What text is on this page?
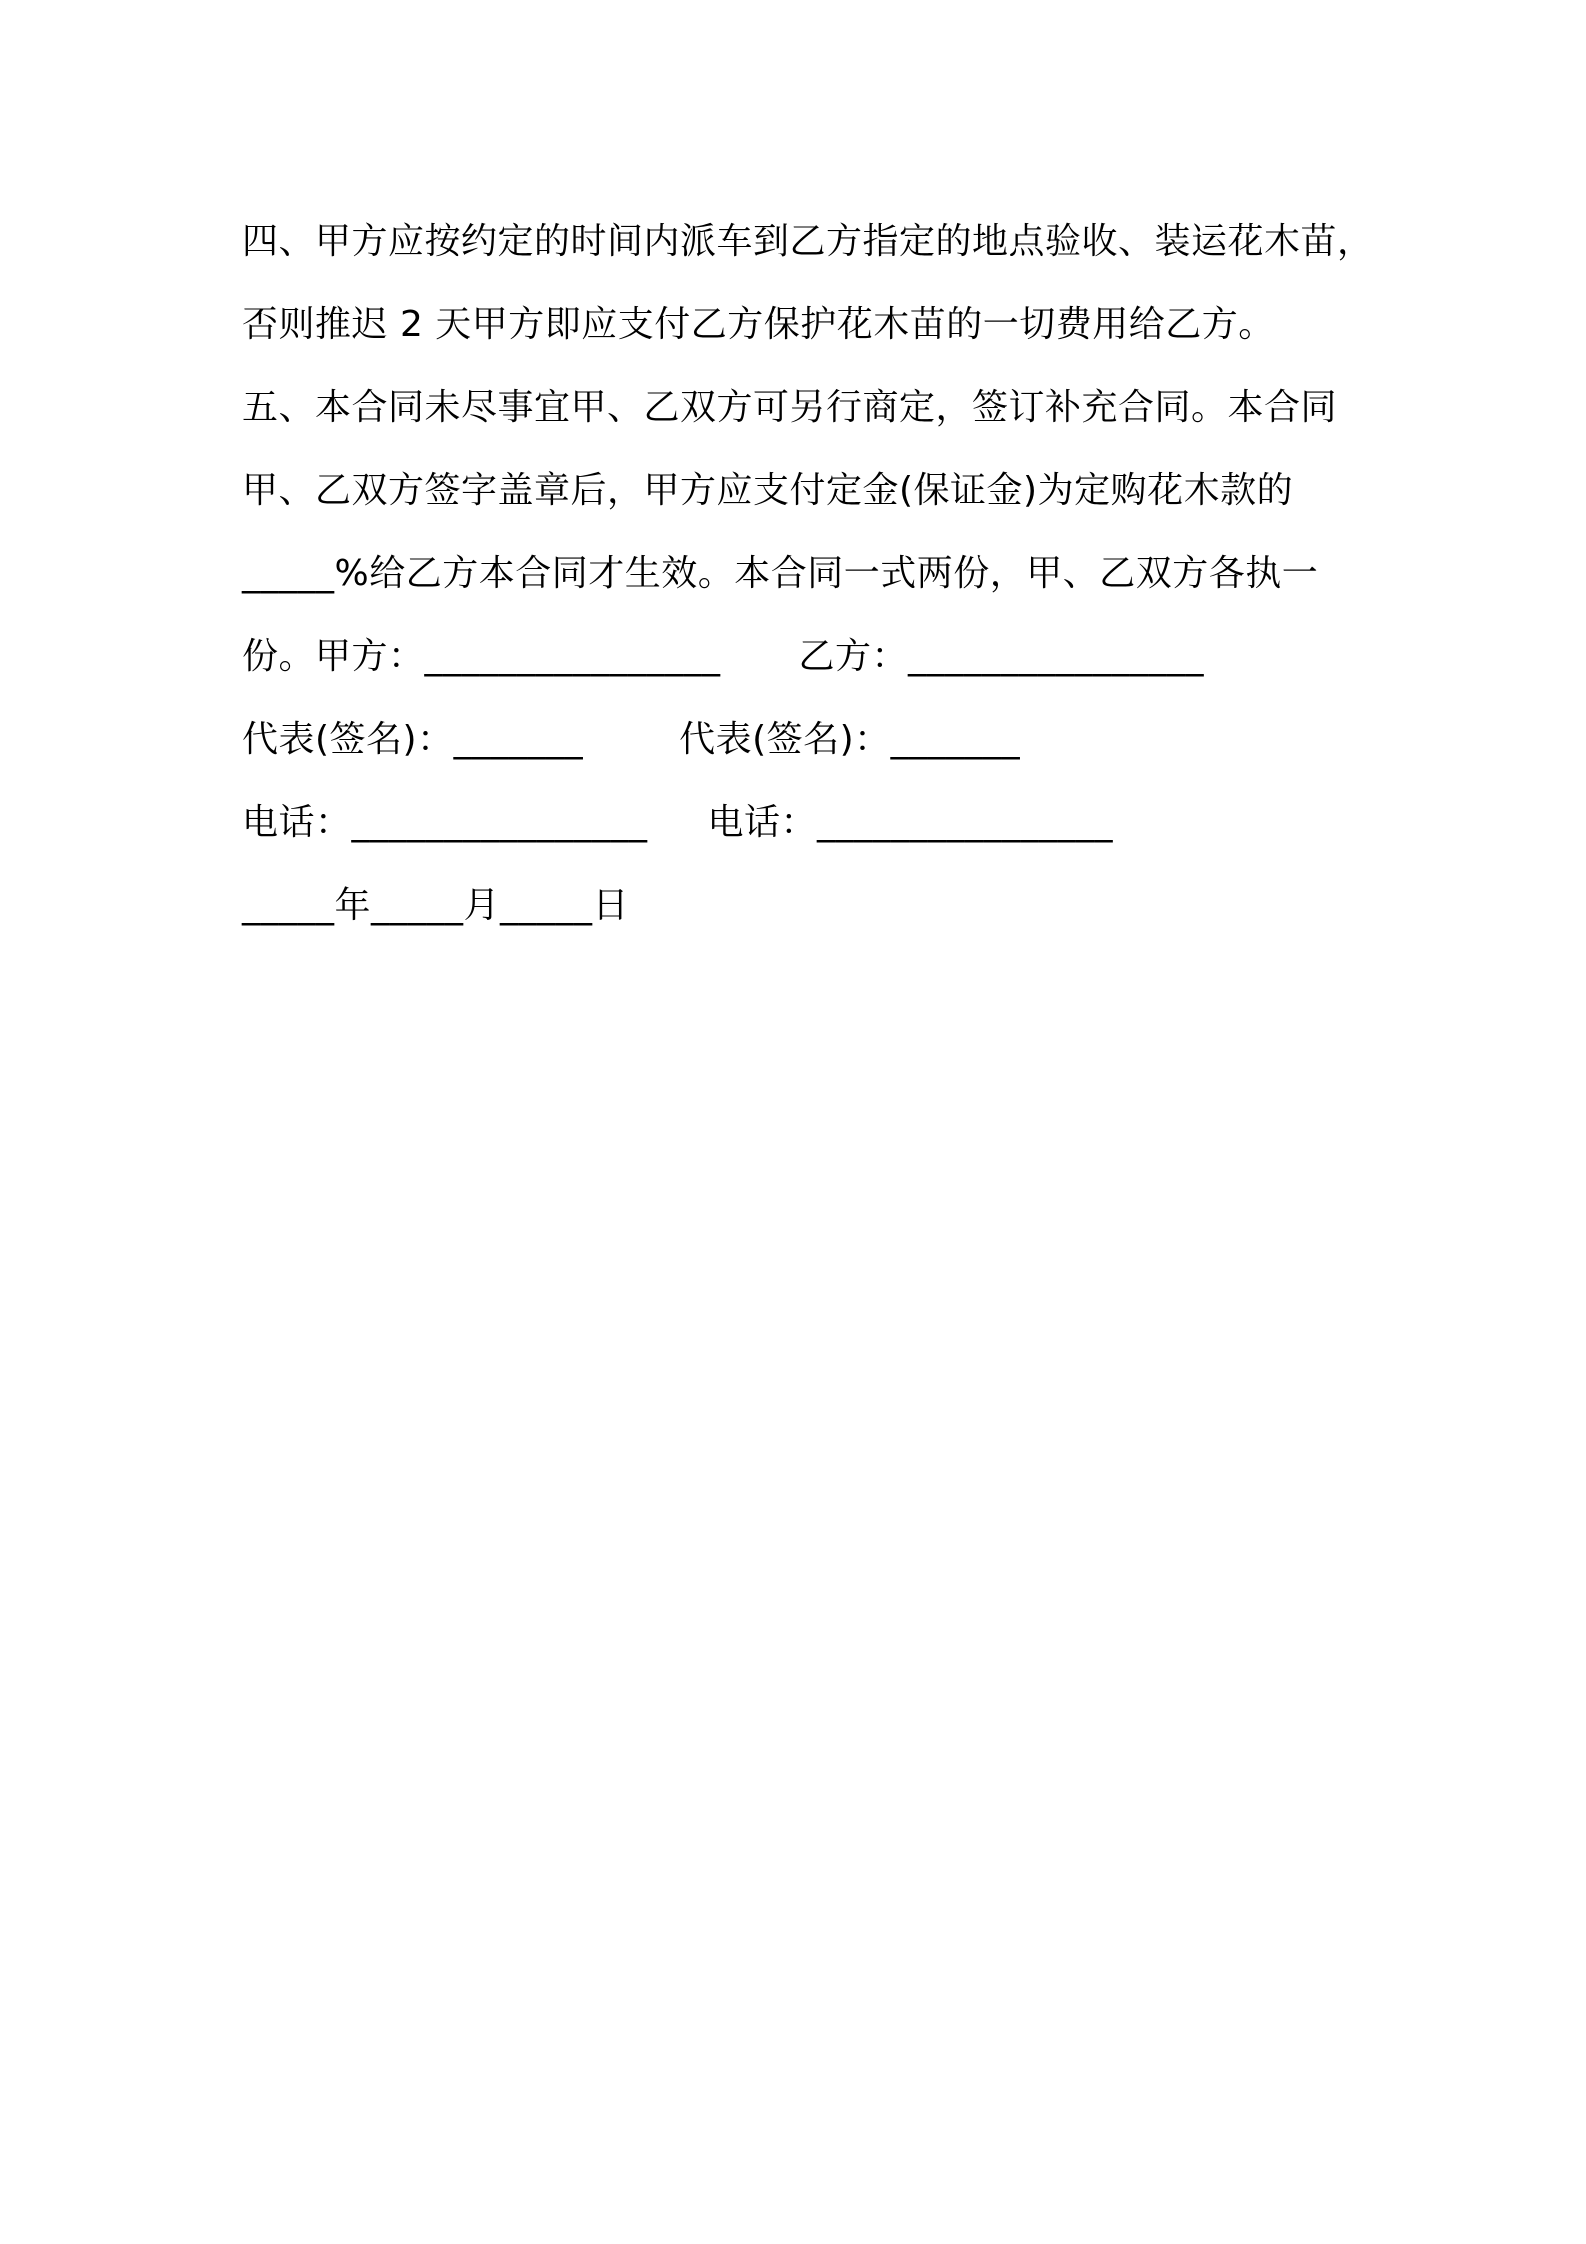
四、甲方应按约定的时间内派车到乙方指定的地点验收、装运花木苗，
否则推迟 2 天甲方即应支付乙方保护花木苗的一切费用给乙方。
五、本合同未尽事宜甲、乙双方可另行商定，签订补充合同。本合同
甲、乙双方签字盖章后，甲方应支付定金(保证金)为定购花木款的
_____%给乙方本合同才生效。本合同一式两份，甲、乙双方各执一
份。甲方：________________ 乙方：________________
代表(签名)：_______	代表(签名)：_______
电话：________________ 电话：________________
_____年_____月_____日
